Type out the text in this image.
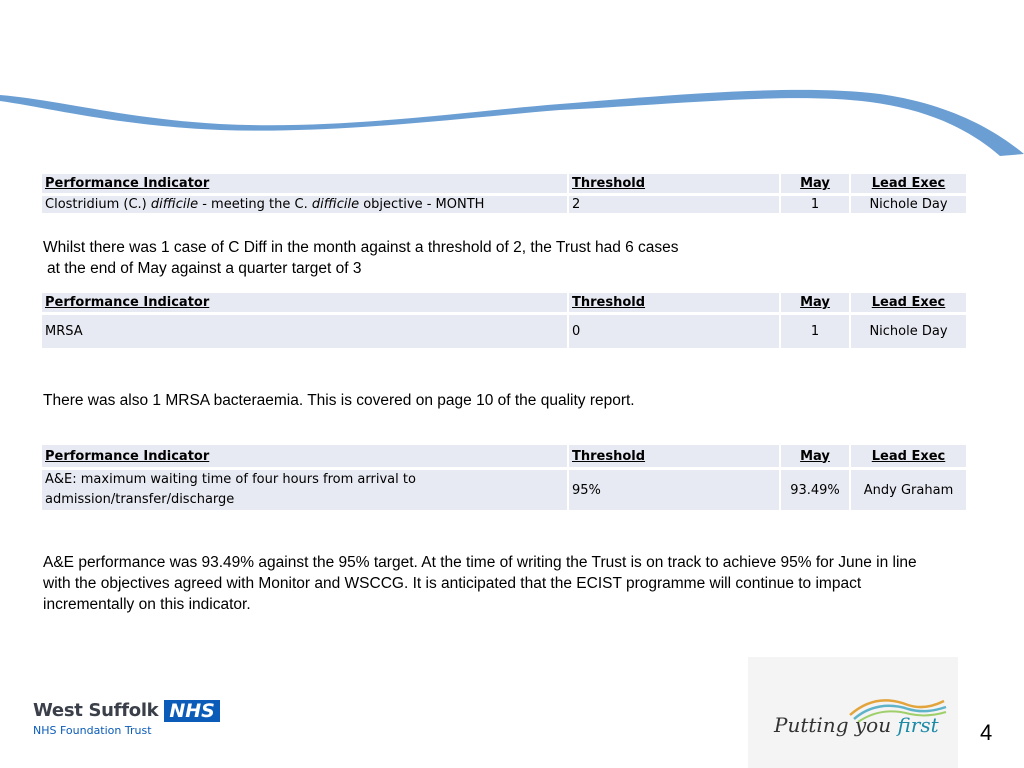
Performance Indicator	Threshold	May	Lead Exec
Clostridium (C.) difficile - meeting the C. difficile objective - MONTH	2	1	Nichole Day
Whilst there was 1 case of C Diff in the month against a threshold of 2, the Trust had 6 cases
at the end of May against a quarter target of 3
Performance Indicator	Threshold	May	Lead Exec
MRSA	0	1	Nichole Day
There was also 1 MRSA bacteraemia. This is covered on page 10 of the quality report.
Performance Indicator	Threshold	May	Lead Exec
A&E: maximum waiting time of four hours from arrival to admission/transfer/discharge	95%	93.49%	Andy Graham
A&E performance was 93.49% against the 95% target. At the time of writing the Trust is on track to achieve 95% for June in line with the objectives agreed with Monitor and WSCCG. It is anticipated that the ECIST programme will continue to impact incrementally on this indicator.
West Suffolk NHS
NHS Foundation Trust	Putting you first 4
